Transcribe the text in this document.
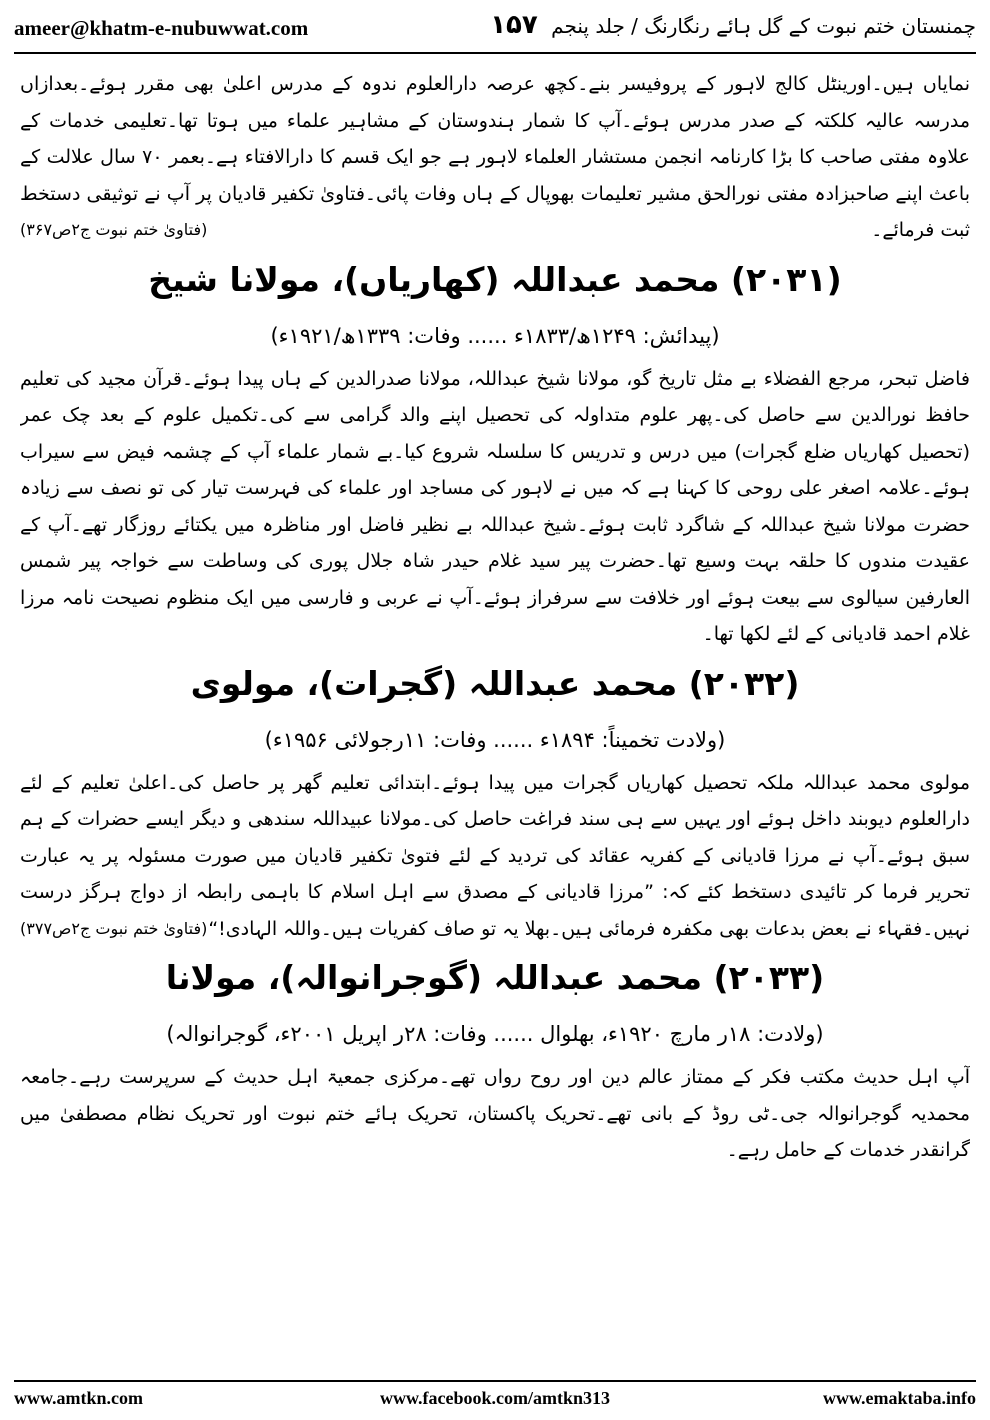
ameer@khatm-e-nubuwwat.com	۱۵۷ چمنستان ختم نبوت کے گل ہائے رنگارنگ / جلد پنجم

نمایاں ہیں۔اورینٹل کالج لاہور کے پروفیسر بنے۔کچھ عرصہ دارالعلوم ندوہ کے مدرس اعلیٰ بھی مقرر ہوئے۔بعدازاں مدرسہ عالیہ کلکتہ کے صدر مدرس ہوئے۔آپ کا شمار ہندوستان کے مشاہیر علماء میں ہوتا تھا۔تعلیمی خدمات کے علاوہ مفتی صاحب کا بڑا کارنامہ انجمن مستشار العلماء لاہور ہے جو ایک قسم کا دارالافتاء ہے۔بعمر ۷۰ سال علالت کے باعث اپنے صاحبزادہ مفتی نورالحق مشیر تعلیمات بھوپال کے ہاں وفات پائی۔فتاویٰ تکفیر قادیان پر آپ نے توثیقی دستخط ثبت فرمائے۔
(فتاویٰ ختم نبوت ج۲ص۳۶۷)

(۲۰۳۱) محمد عبداللہ (کھاریاں)، مولانا شیخ

(پیدائش: ۱۲۴۹ھ/۱۸۳۳ء ...... وفات: ۱۳۳۹ھ/۱۹۲۱ء)

فاضل تبحر، مرجع الفضلاء بے مثل تاریخ گو، مولانا شیخ عبداللہ، مولانا صدرالدین کے ہاں پیدا ہوئے۔قرآن مجید کی تعلیم حافظ نورالدین سے حاصل کی۔پھر علوم متداولہ کی تحصیل اپنے والد گرامی سے کی۔تکمیل علوم کے بعد چک عمر (تحصیل کھاریاں ضلع گجرات) میں درس و تدریس کا سلسلہ شروع کیا۔بے شمار علماء آپ کے چشمہ فیض سے سیراب ہوئے۔علامہ اصغر علی روحی کا کہنا ہے کہ میں نے لاہور کی مساجد اور علماء کی فہرست تیار کی تو نصف سے زیادہ حضرت مولانا شیخ عبداللہ کے شاگرد ثابت ہوئے۔شیخ عبداللہ بے نظیر فاضل اور مناظرہ میں یکتائے روزگار تھے۔آپ کے عقیدت مندوں کا حلقہ بہت وسیع تھا۔حضرت پیر سید غلام حیدر شاہ جلال پوری کی وساطت سے خواجہ پیر شمس العارفین سیالوی سے بیعت ہوئے اور خلافت سے سرفراز ہوئے۔آپ نے عربی و فارسی میں ایک منظوم نصیحت نامہ مرزا غلام احمد قادیانی کے لئے لکھا تھا۔

(۲۰۳۲) محمد عبداللہ (گجرات)، مولوی

(ولادت تخمیناً: ۱۸۹۴ء ...... وفات: ۱۱رجولائی ۱۹۵۶ء)

مولوی محمد عبداللہ ملکہ تحصیل کھاریاں گجرات میں پیدا ہوئے۔ابتدائی تعلیم گھر پر حاصل کی۔اعلیٰ تعلیم کے لئے دارالعلوم دیوبند داخل ہوئے اور یہیں سے ہی سند فراغت حاصل کی۔مولانا عبیداللہ سندھی و دیگر ایسے حضرات کے ہم سبق ہوئے۔آپ نے مرزا قادیانی کے کفریہ عقائد کی تردید کے لئے فتویٰ تکفیر قادیان میں صورت مسئولہ پر یہ عبارت تحریر فرما کر تائیدی دستخط کئے کہ: ”مرزا قادیانی کے مصدق سے اہل اسلام کا باہمی رابطہ از دواج ہرگز درست نہیں۔فقہاء نے بعض بدعات بھی مکفرہ فرمائی ہیں۔بھلا یہ تو صاف کفریات ہیں۔واللہ الہادی!“
(فتاویٰ ختم نبوت ج۲ص۳۷۷)

(۲۰۳۳) محمد عبداللہ (گوجرانوالہ)، مولانا

(ولادت: ۱۸ر مارچ ۱۹۲۰ء، بھلوال ...... وفات: ۲۸ر اپریل ۲۰۰۱ء، گوجرانوالہ)

آپ اہل حدیث مکتب فکر کے ممتاز عالم دین اور روح رواں تھے۔مرکزی جمعیۃ اہل حدیث کے سرپرست رہے۔جامعہ محمدیہ گوجرانوالہ جی۔ٹی روڈ کے بانی تھے۔تحریک پاکستان، تحریک ہائے ختم نبوت اور تحریک نظام مصطفیٰ میں گرانقدر خدمات کے حامل رہے۔

www.amtkn.com	www.facebook.com/amtkn313	www.emaktaba.info
